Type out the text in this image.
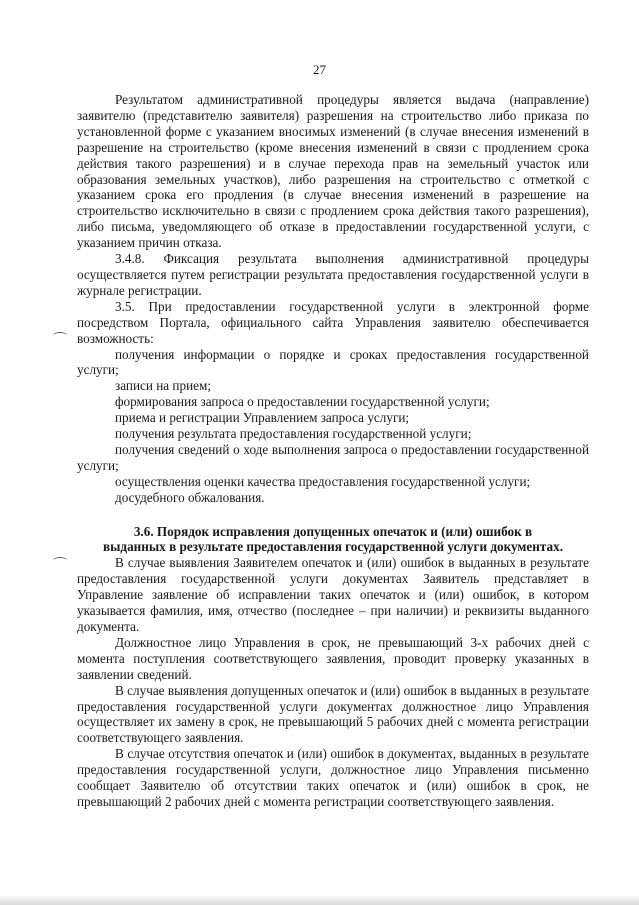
27

Результатом административной процедуры является выдача (направление) заявителю (представителю заявителя) разрешения на строительство либо приказа по установленной форме с указанием вносимых изменений (в случае внесения изменений в разрешение на строительство (кроме внесения изменений в связи с продлением срока действия такого разрешения) и в случае перехода прав на земельный участок или образования земельных участков), либо разрешения на строительство с отметкой с указанием срока его продления (в случае внесения изменений в разрешение на строительство исключительно в связи с продлением срока действия такого разрешения), либо письма, уведомляющего об отказе в предоставлении государственной услуги, с указанием причин отказа.

3.4.8. Фиксация результата выполнения административной процедуры осуществляется путем регистрации результата предоставления государственной услуги в журнале регистрации.

3.5. При предоставлении государственной услуги в электронной форме посредством Портала, официального сайта Управления заявителю обеспечивается возможность:

получения информации о порядке и сроках предоставления государственной услуги;

записи на прием;

формирования запроса о предоставлении государственной услуги;

приема и регистрации Управлением запроса услуги;

получения результата предоставления государственной услуги;

получения сведений о ходе выполнения запроса о предоставлении государственной услуги;

осуществления оценки качества предоставления государственной услуги;

досудебного обжалования.

3.6. Порядок исправления допущенных опечаток и (или) ошибок в
выданных в результате предоставления государственной услуги документах.

В случае выявления Заявителем опечаток и (или) ошибок в выданных в результате предоставления государственной услуги документах Заявитель представляет в Управление заявление об исправлении таких опечаток и (или) ошибок, в котором указывается фамилия, имя, отчество (последнее – при наличии) и реквизиты выданного документа.

Должностное лицо Управления в срок, не превышающий 3-х рабочих дней с момента поступления соответствующего заявления, проводит проверку указанных в заявлении сведений.

В случае выявления допущенных опечаток и (или) ошибок в выданных в результате предоставления государственной услуги документах должностное лицо Управления осуществляет их замену в срок, не превышающий 5 рабочих дней с момента регистрации соответствующего заявления.

В случае отсутствия опечаток и (или) ошибок в документах, выданных в результате предоставления государственной услуги, должностное лицо Управления письменно сообщает Заявителю об отсутствии таких опечаток и (или) ошибок в срок, не превышающий 2 рабочих дней с момента регистрации соответствующего заявления.
